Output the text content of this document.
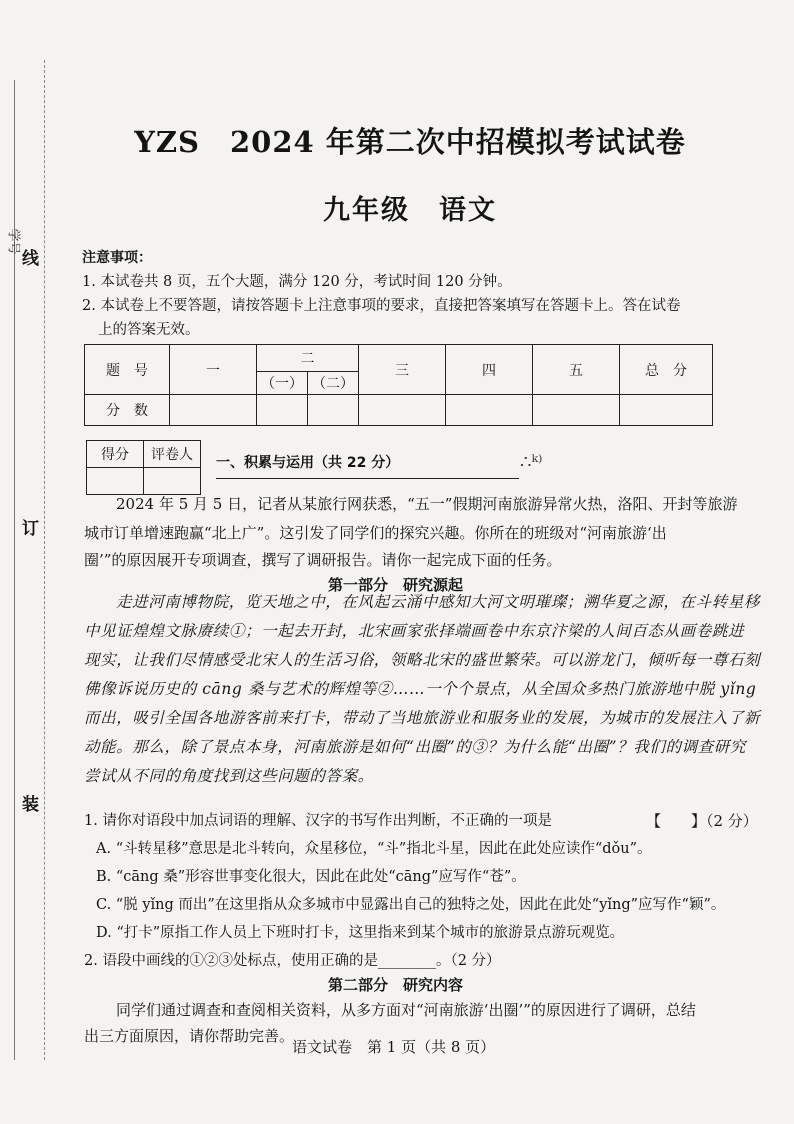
学号
线
订
装
YZS　2024 年第二次中招模拟考试试卷
九年级　语文

注意事项：

1. 本试卷共 8 页，五个大题，满分 120 分，考试时间 120 分钟。

2. 本试卷上不要答题，请按答题卡上注意事项的要求，直接把答案填写在答题卡上。答在试卷

上的答案无效。

题　号	一	二		三	四	五	总　分
		（一）	（二）				
分　数							
得分	评卷人
	一、积累与运用（共 22 分）	∴ᵏ⁾

2024 年 5 月 5 日，记者从某旅行网获悉，“五一”假期河南旅游异常火热，洛阳、开封等旅游

城市订单增速跑赢“北上广”。这引发了同学们的探究兴趣。你所在的班级对“河南旅游‘出

圈’”的原因展开专项调查，撰写了调研报告。请你一起完成下面的任务。

第一部分　研究源起
走进河南博物院，览天地之中，在风起云涌中感知大河文明璀璨；溯华夏之源，在斗转星移
中见证煌煌文脉赓续①；一起去开封，北宋画家张择端画卷中东京汴梁的人间百态从画卷跳进
现实，让我们尽情感受北宋人的生活习俗，领略北宋的盛世繁荣。可以游龙门，倾听每一尊石刻
佛像诉说历史的 cāng 桑与艺术的辉煌等②……一个个景点，从全国众多热门旅游地中脱 yǐng
而出，吸引全国各地游客前来打卡，带动了当地旅游业和服务业的发展，为城市的发展注入了新
动能。那么，除了景点本身，河南旅游是如何“出圈”的③？为什么能“出圈”？我们的调查研究
尝试从不同的角度找到这些问题的答案。
1. 请你对语段中加点词语的理解、汉字的书写作出判断，不正确的一项是	【　　】（2 分）
A. “斗转星移”意思是北斗转向，众星移位，“斗”指北斗星，因此在此处应读作“dǒu”。
B. “cāng 桑”形容世事变化很大，因此在此处“cāng”应写作“苍”。
C. “脱 yǐng 而出”在这里指从众多城市中显露出自己的独特之处，因此在此处“yǐng”应写作“颖”。
D. “打卡”原指工作人员上下班时打卡，这里指来到某个城市的旅游景点游玩观览。
2. 语段中画线的①②③处标点，使用正确的是________。（2 分）
第二部分　研究内容

同学们通过调查和查阅相关资料，从多方面对“河南旅游‘出圈’”的原因进行了调研，总结

出三方面原因，请你帮助完善。

语文试卷　第 1 页（共 8 页）
